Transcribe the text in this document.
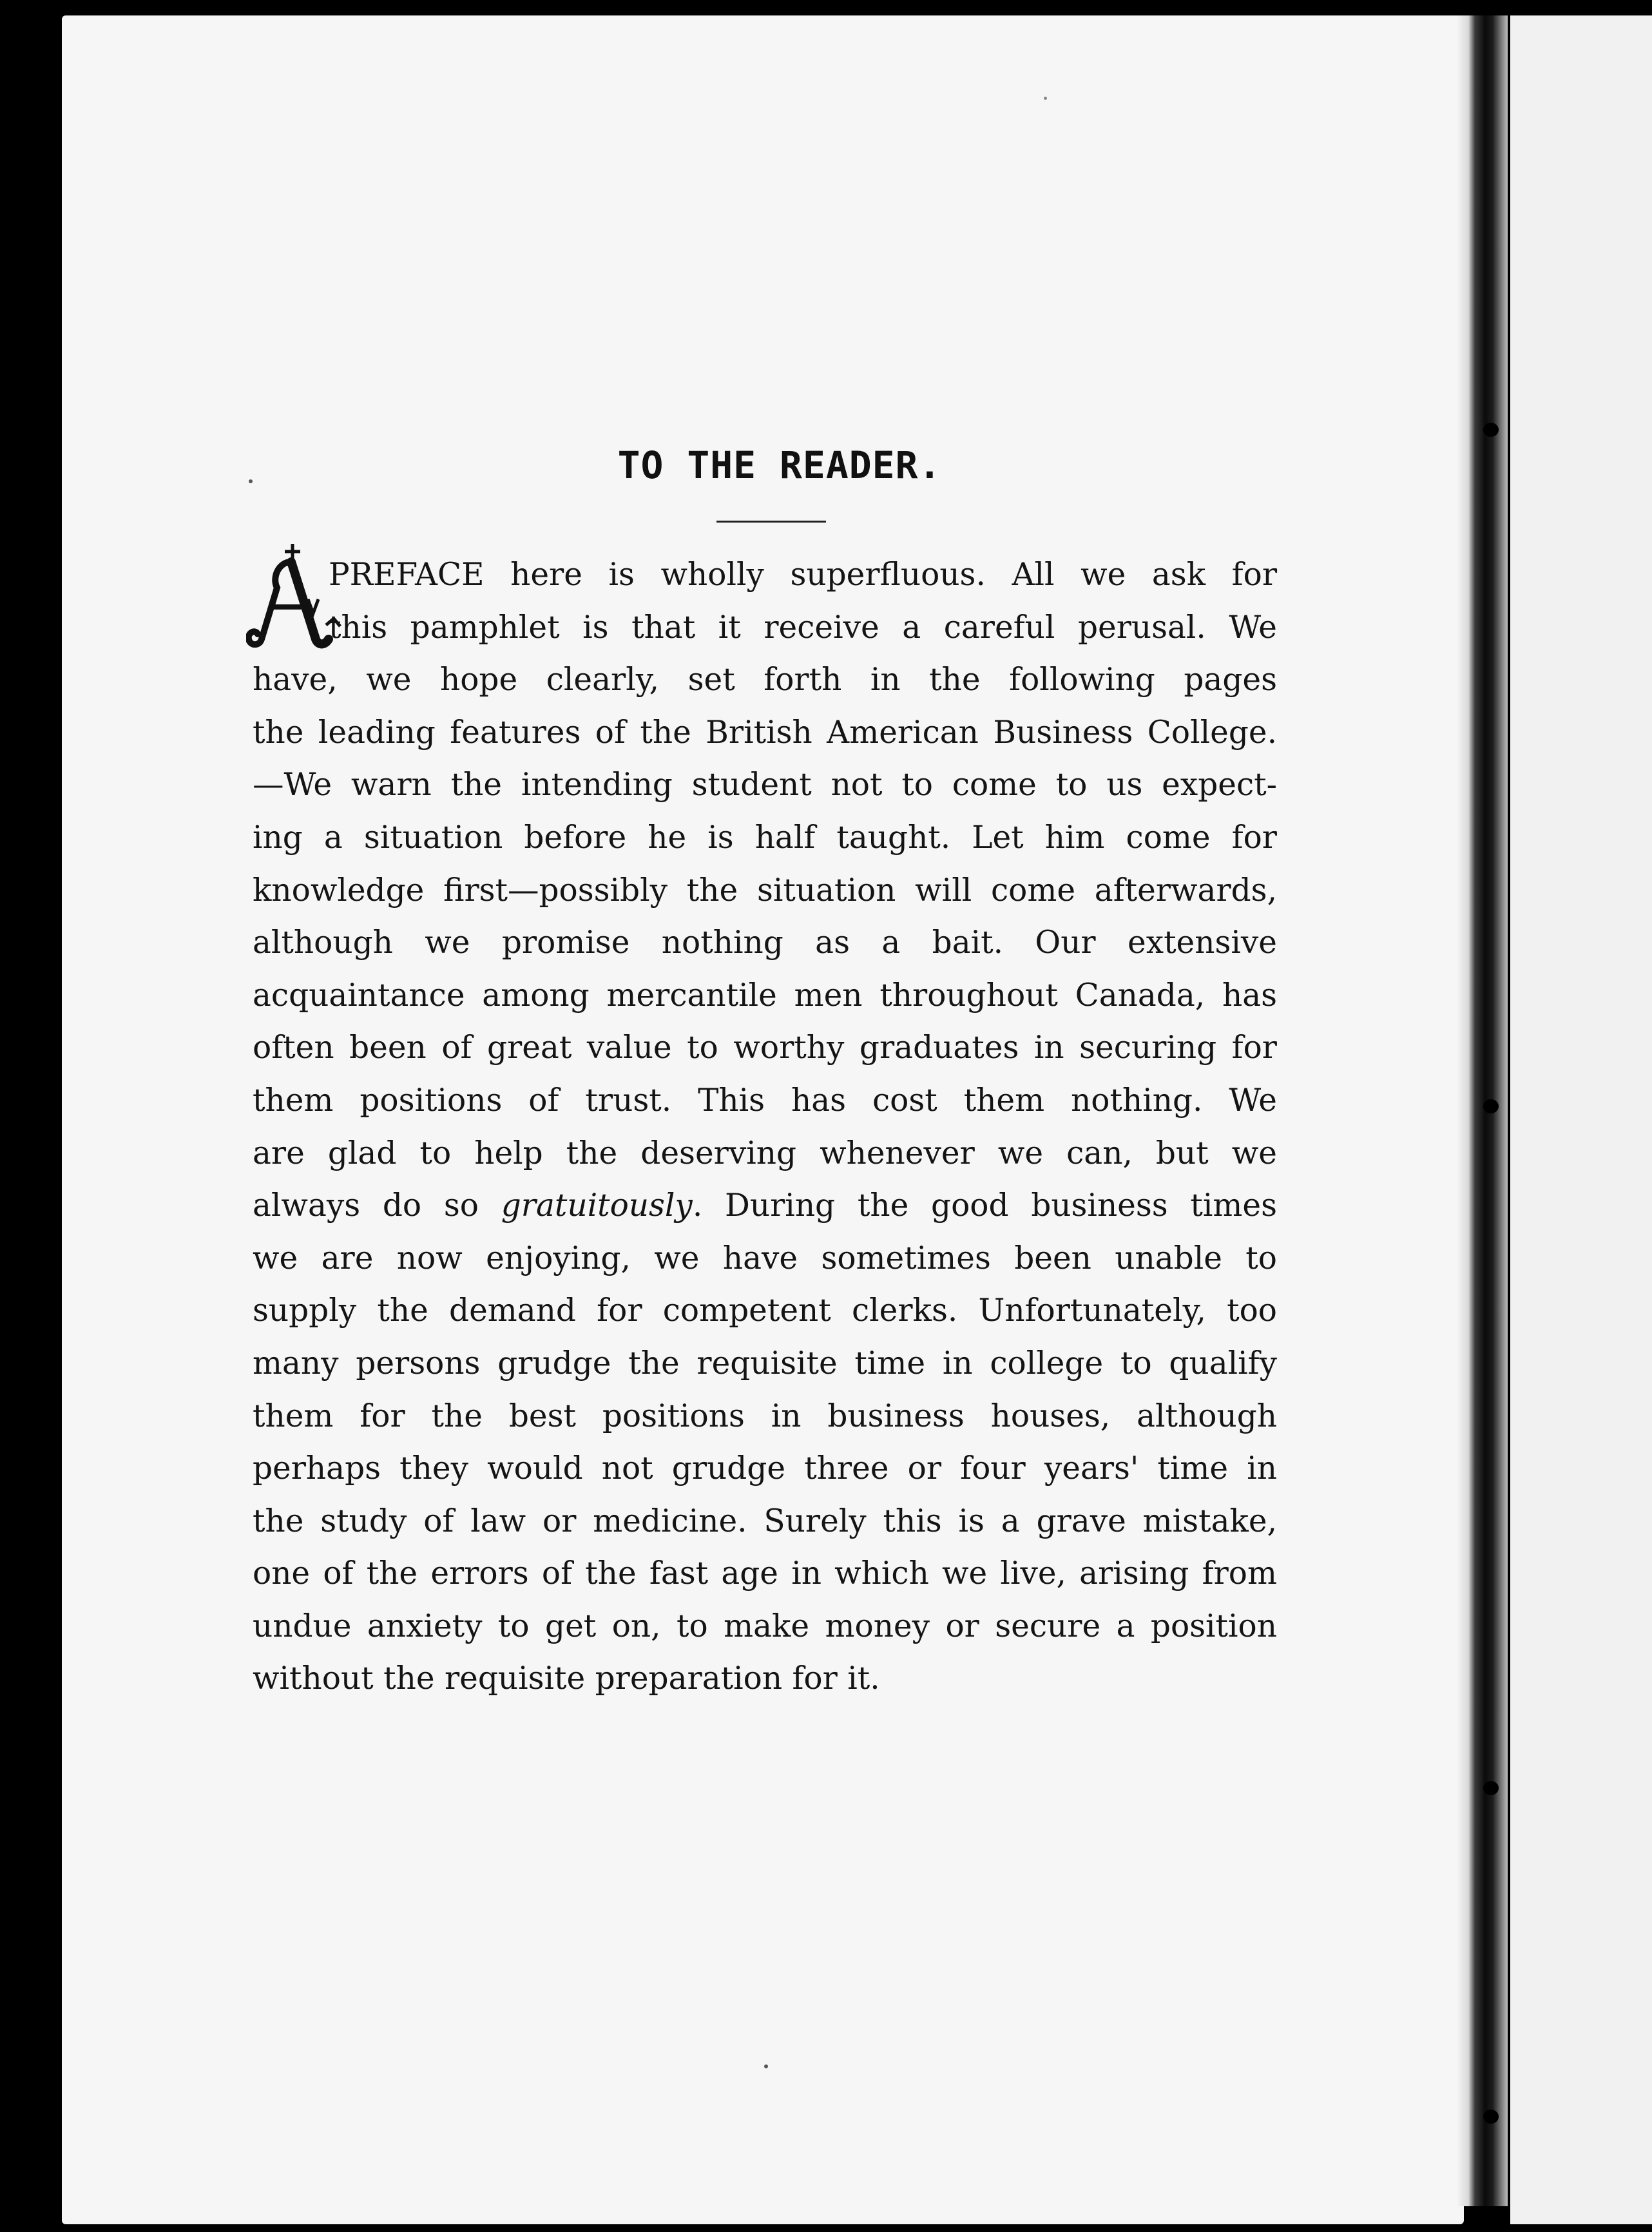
TO THE READER.
A

PREFACE here is wholly superfluous. All we ask for
this pamphlet is that it receive a careful perusal. We
have, we hope clearly, set forth in the following pages
the leading features of the British American Business College.
—We warn the intending student not to come to us expect-
ing a situation before he is half taught. Let him come for
knowledge first—possibly the situation will come afterwards,
although we promise nothing as a bait. Our extensive
acquaintance among mercantile men throughout Canada, has
often been of great value to worthy graduates in securing for
them positions of trust. This has cost them nothing. We
are glad to help the deserving whenever we can, but we
always do so gratuitously. During the good business times
we are now enjoying, we have sometimes been unable to
supply the demand for competent clerks. Unfortunately, too
many persons grudge the requisite time in college to qualify
them for the best positions in business houses, although
perhaps they would not grudge three or four years' time in
the study of law or medicine. Surely this is a grave mistake,
one of the errors of the fast age in which we live, arising from
undue anxiety to get on, to make money or secure a position
without the requisite preparation for it.
